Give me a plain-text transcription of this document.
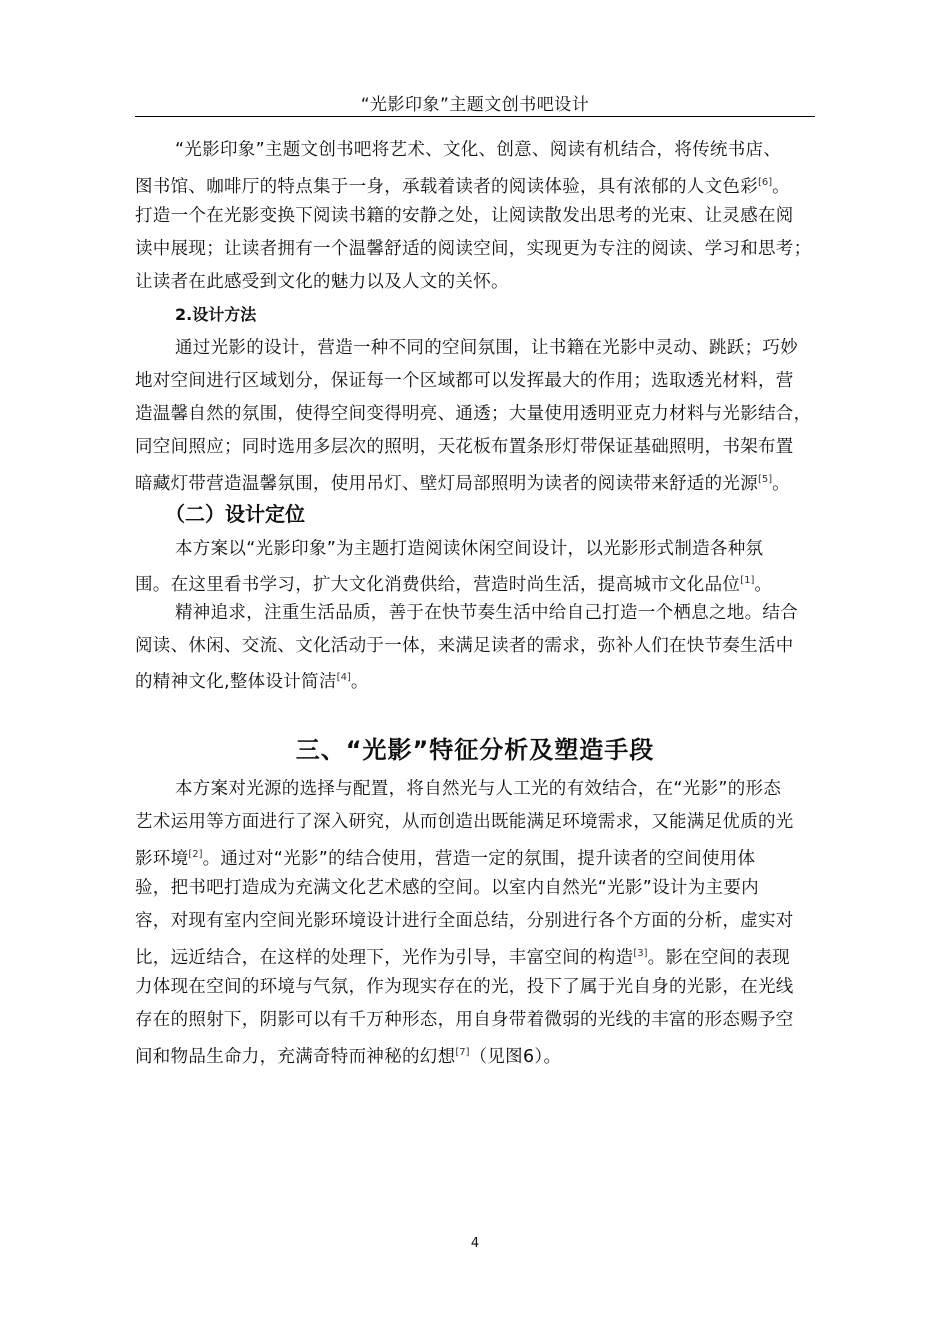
“光影印象”主题文创书吧设计
“光影印象”主题文创书吧将艺术、文化、创意、阅读有机结合，将传统书店、
图书馆、咖啡厅的特点集于一身，承载着读者的阅读体验，具有浓郁的人文色彩[6]。
打造一个在光影变换下阅读书籍的安静之处，让阅读散发出思考的光束、让灵感在阅
读中展现；让读者拥有一个温馨舒适的阅读空间，实现更为专注的阅读、学习和思考；
让读者在此感受到文化的魅力以及人文的关怀。
2.设计方法
通过光影的设计，营造一种不同的空间氛围，让书籍在光影中灵动、跳跃；巧妙
地对空间进行区域划分，保证每一个区域都可以发挥最大的作用；选取透光材料，营
造温馨自然的氛围，使得空间变得明亮、通透；大量使用透明亚克力材料与光影结合，
同空间照应；同时选用多层次的照明，天花板布置条形灯带保证基础照明，书架布置
暗藏灯带营造温馨氛围，使用吊灯、壁灯局部照明为读者的阅读带来舒适的光源[5]。
（二）设计定位
本方案以“光影印象”为主题打造阅读休闲空间设计，以光影形式制造各种氛
围。在这里看书学习，扩大文化消费供给，营造时尚生活，提高城市文化品位[1]。
精神追求，注重生活品质，善于在快节奏生活中给自己打造一个栖息之地。结合
阅读、休闲、交流、文化活动于一体，来满足读者的需求，弥补人们在快节奏生活中
的精神文化,整体设计简洁[4]。
三、“光影”特征分析及塑造手段
本方案对光源的选择与配置，将自然光与人工光的有效结合，在“光影”的形态
艺术运用等方面进行了深入研究，从而创造出既能满足环境需求，又能满足优质的光
影环境[2]。通过对“光影”的结合使用，营造一定的氛围，提升读者的空间使用体
验，把书吧打造成为充满文化艺术感的空间。以室内自然光“光影”设计为主要内
容，对现有室内空间光影环境设计进行全面总结，分别进行各个方面的分析，虚实对
比，远近结合，在这样的处理下，光作为引导，丰富空间的构造[3]。影在空间的表现
力体现在空间的环境与气氛，作为现实存在的光，投下了属于光自身的光影，在光线
存在的照射下，阴影可以有千万种形态，用自身带着微弱的光线的丰富的形态赐予空
间和物品生命力，充满奇特而神秘的幻想[7]（见图6）。
4
